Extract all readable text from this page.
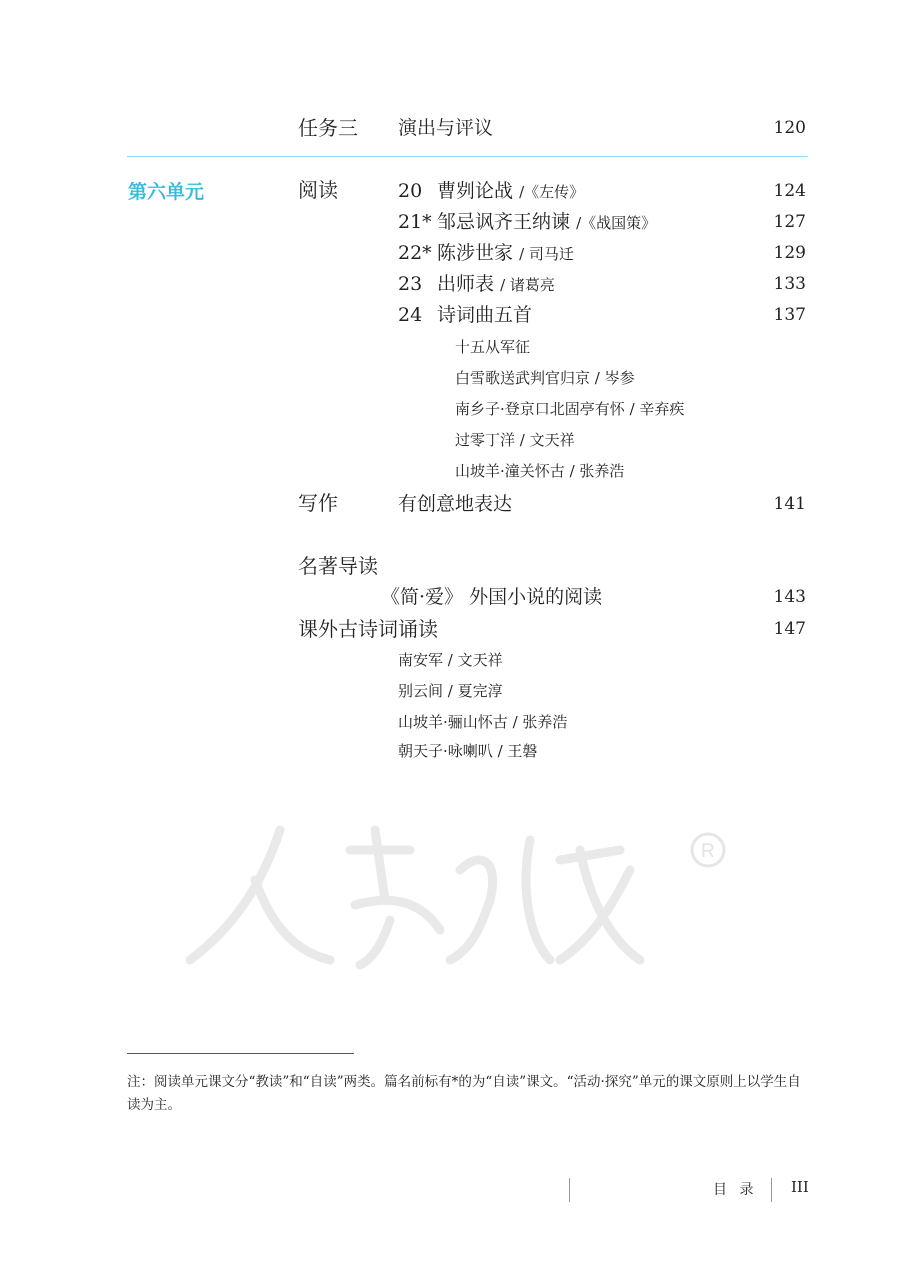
任务三 演出与评议	120
第六单元	阅读	20 曹刿论战 /《左传》	124
21* 邹忌讽齐王纳谏 /《战国策》	127
22* 陈涉世家 / 司马迁	129
23 出师表 / 诸葛亮	133
24 诗词曲五首	137
十五从军征
白雪歌送武判官归京 / 岑参
南乡子·登京口北固亭有怀 / 辛弃疾
过零丁洋 / 文天祥
山坡羊·潼关怀古 / 张养浩
写作	有创意地表达	141
名著导读
《简·爱》 外国小说的阅读	143
课外古诗词诵读	147
南安军 / 文天祥
别云间 / 夏完淳
山坡羊·骊山怀古 / 张养浩
朝天子·咏喇叭 / 王磐
R
注：阅读单元课文分“教读”和“自读”两类。篇名前标有*的为“自读”课文。“活动·探究”单元的课文原则上以学生自读为主。
目 录 III
